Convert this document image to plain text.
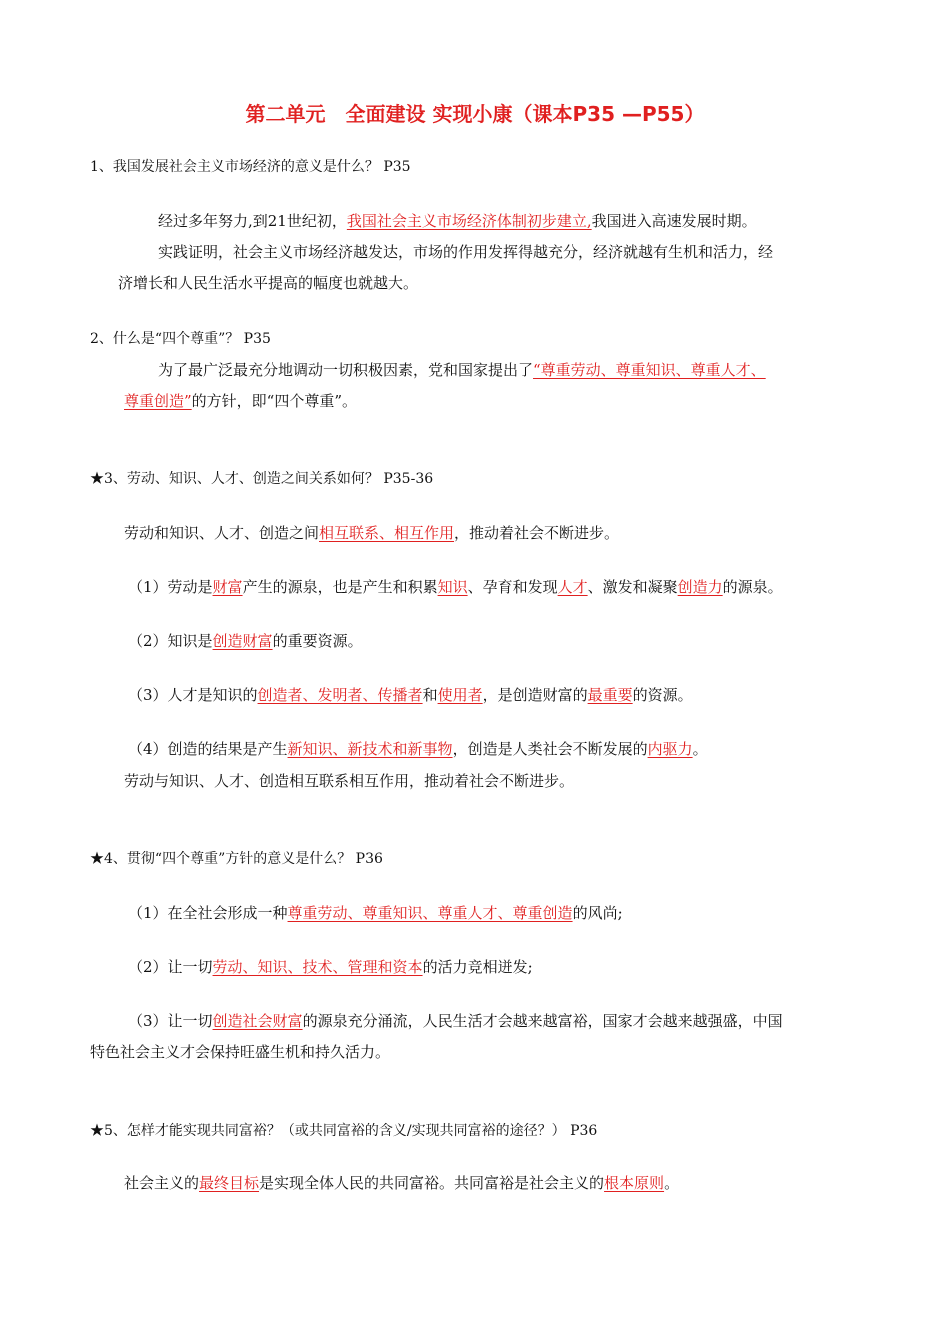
第二单元　全面建设 实现小康（课本P35 —P55）
1、我国发展社会主义市场经济的意义是什么？ P35
经过多年努力,到21世纪初，我国社会主义市场经济体制初步建立,我国进入高速发展时期。
实践证明，社会主义市场经济越发达，市场的作用发挥得越充分，经济就越有生机和活力，经
济增长和人民生活水平提高的幅度也就越大。
2、什么是“四个尊重”？ P35
为了最广泛最充分地调动一切积极因素，党和国家提出了“尊重劳动、尊重知识、尊重人才、
尊重创造”的方针，即“四个尊重”。
★3、劳动、知识、人才、创造之间关系如何？ P35-36
劳动和知识、人才、创造之间相互联系、相互作用，推动着社会不断进步。
（1）劳动是财富产生的源泉，也是产生和积累知识、孕育和发现人才、激发和凝聚创造力的源泉。
（2）知识是创造财富的重要资源。
（3）人才是知识的创造者、发明者、传播者和使用者，是创造财富的最重要的资源。
（4）创造的结果是产生新知识、新技术和新事物，创造是人类社会不断发展的内驱力。
劳动与知识、人才、创造相互联系相互作用，推动着社会不断进步。
★4、贯彻“四个尊重”方针的意义是什么？ P36
（1）在全社会形成一种尊重劳动、尊重知识、尊重人才、尊重创造的风尚;
（2）让一切劳动、知识、技术、管理和资本的活力竞相迸发;
（3）让一切创造社会财富的源泉充分涌流，人民生活才会越来越富裕，国家才会越来越强盛，中国
特色社会主义才会保持旺盛生机和持久活力。
★5、怎样才能实现共同富裕？（或共同富裕的含义/实现共同富裕的途径？） P36
社会主义的最终目标是实现全体人民的共同富裕。共同富裕是社会主义的根本原则。
